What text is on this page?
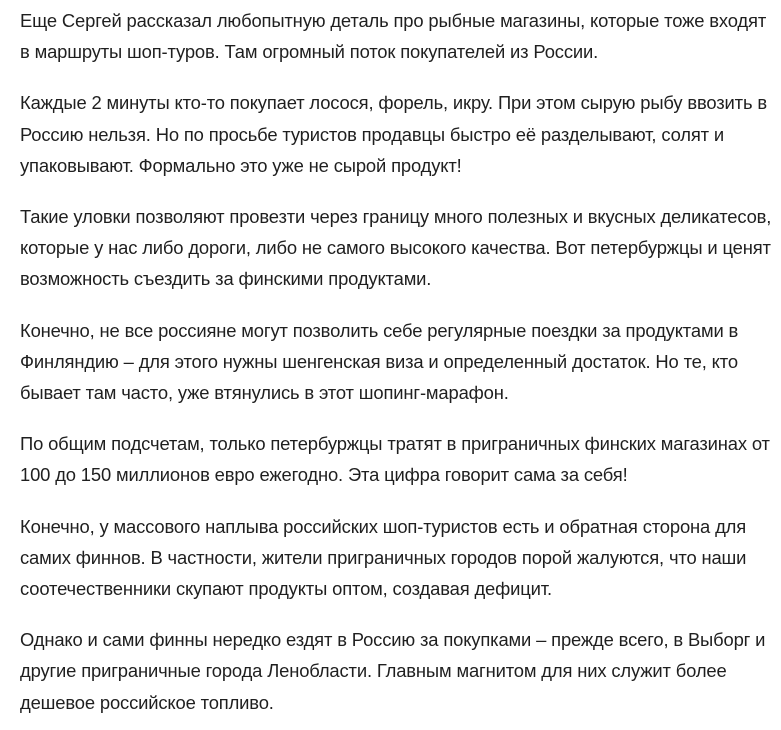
Еще Сергей рассказал любопытную деталь про рыбные магазины, которые тоже входят в маршруты шоп-туров. Там огромный поток покупателей из России.

Каждые 2 минуты кто-то покупает лосося, форель, икру. При этом сырую рыбу ввозить в Россию нельзя. Но по просьбе туристов продавцы быстро её разделывают, солят и упаковывают. Формально это уже не сырой продукт!

Такие уловки позволяют провезти через границу много полезных и вкусных деликатесов, которые у нас либо дороги, либо не самого высокого качества. Вот петербуржцы и ценят возможность съездить за финскими продуктами.

Конечно, не все россияне могут позволить себе регулярные поездки за продуктами в Финляндию – для этого нужны шенгенская виза и определенный достаток. Но те, кто бывает там часто, уже втянулись в этот шопинг-марафон.

По общим подсчетам, только петербуржцы тратят в приграничных финских магазинах от 100 до 150 миллионов евро ежегодно. Эта цифра говорит сама за себя!

Конечно, у массового наплыва российских шоп-туристов есть и обратная сторона для самих финнов. В частности, жители приграничных городов порой жалуются, что наши соотечественники скупают продукты оптом, создавая дефицит.

Однако и сами финны нередко ездят в Россию за покупками – прежде всего, в Выборг и другие приграничные города Ленобласти. Главным магнитом для них служит более дешевое российское топливо.
